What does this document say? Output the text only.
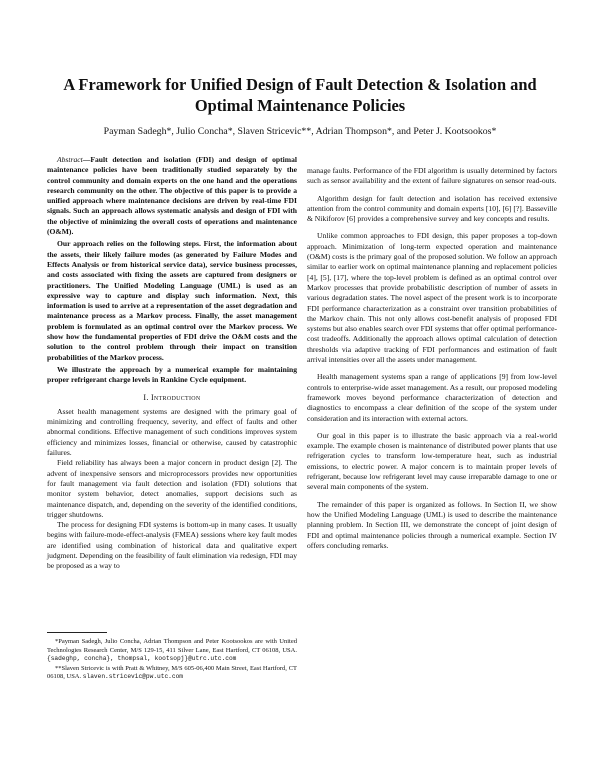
A Framework for Unified Design of Fault Detection & Isolation and Optimal Maintenance Policies
Payman Sadegh*, Julio Concha*, Slaven Stricevic**, Adrian Thompson*, and Peter J. Kootsookos*

Abstract—Fault detection and isolation (FDI) and design of optimal maintenance policies have been traditionally studied separately by the control community and domain experts on the one hand and the operations research community on the other. The objective of this paper is to provide a unified approach where maintenance decisions are driven by real-time FDI signals. Such an approach allows systematic analysis and design of FDI with the objective of minimizing the overall costs of operations and maintenance (O&M).

Our approach relies on the following steps. First, the information about the assets, their likely failure modes (as generated by Failure Modes and Effects Analysis or from historical service data), service business processes, and costs associated with fixing the assets are captured from designers or practitioners. The Unified Modeling Language (UML) is used as an expressive way to capture and display such information. Next, this information is used to arrive at a representation of the asset degradation and maintenance process as a Markov process. Finally, the asset management problem is formulated as an optimal control over the Markov process. We show how the fundamental properties of FDI drive the O&M costs and the solution to the control problem through their impact on transition probabilities of the Markov process.

We illustrate the approach by a numerical example for maintaining proper refrigerant charge levels in Rankine Cycle equipment.

I. Introduction

Asset health management systems are designed with the primary goal of minimizing and controlling frequency, severity, and effect of faults and other abnormal conditions. Effective management of such conditions improves system efficiency and minimizes losses, financial or otherwise, caused by catastrophic failures.

Field reliability has always been a major concern in product design [2]. The advent of inexpensive sensors and microprocessors provides new opportunities for fault management via fault detection and isolation (FDI) solutions that monitor system behavior, detect anomalies, support decisions such as maintenance dispatch, and, depending on the severity of the identified conditions, trigger shutdowns.

The process for designing FDI systems is bottom-up in many cases. It usually begins with failure-mode-effect-analysis (FMEA) sessions where key fault modes are identified using combination of historical data and qualitative expert judgment. Depending on the feasibility of fault elimination via redesign, FDI may be proposed as a way to

*Payman Sadegh, Julio Concha, Adrian Thompson and Peter Kootsookos are with United Technologies Research Center, M/S 129-15, 411 Silver Lane, East Hartford, CT 06108, USA. {sadeghp, concha}, thompsal, kootsopj}@utrc.utc.com

**Slaven Stricevic is with Pratt & Whitney, M/S 605-06,400 Main Street, East Hartford, CT 06108, USA. slaven.stricevic@pw.utc.com

manage faults. Performance of the FDI algorithm is usually determined by factors such as sensor availability and the extent of failure signatures on sensor read-outs.

Algorithm design for fault detection and isolation has received extensive attention from the control community and domain experts [10], [6] [?]. Basseville & Nikiforov [6] provides a comprehensive survey and key concepts and results.

Unlike common approaches to FDI design, this paper proposes a top-down approach. Minimization of long-term expected operation and maintenance (O&M) costs is the primary goal of the proposed solution. We follow an approach similar to earlier work on optimal maintenance planning and replacement policies [4], [5], [17], where the top-level problem is defined as an optimal control over Markov processes that provide probabilistic description of number of assets in various degradation states. The novel aspect of the present work is to incorporate FDI performance characterization as a constraint over transition probabilities of the Markov chain. This not only allows cost-benefit analysis of proposed FDI systems but also enables search over FDI systems that offer optimal performance-cost tradeoffs. Additionally the approach allows optimal calculation of detection thresholds via adaptive tracking of FDI performances and estimation of fault arrival intensities over all the assets under management.

Health management systems span a range of applications [9] from low-level controls to enterprise-wide asset management. As a result, our proposed modeling framework moves beyond performance characterization of detection and diagnostics to encompass a clear definition of the scope of the system under consideration and its interaction with external actors.

Our goal in this paper is to illustrate the basic approach via a real-world example. The example chosen is maintenance of distributed power plants that use refrigeration cycles to transform low-temperature heat, such as industrial emissions, to electric power. A major concern is to maintain proper levels of refrigerant, because low refrigerant level may cause irreparable damage to one or several main components of the system.

The remainder of this paper is organized as follows. In Section II, we show how the Unified Modeling Language (UML) is used to describe the maintenance planning problem. In Section III, we demonstrate the concept of joint design of FDI and optimal maintenance policies through a numerical example. Section IV offers concluding remarks.
